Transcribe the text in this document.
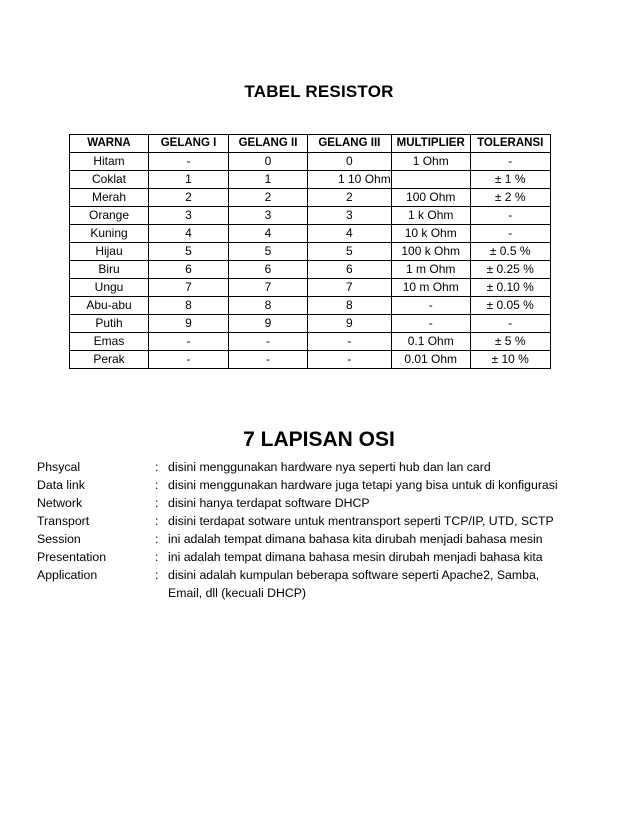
TABEL RESISTOR
WARNA	GELANG I	GELANG II	GELANG III	MULTIPLIER	TOLERANSI
Hitam	-	0	0	1 Ohm	-
Coklat	1	1	1 10 Ohm		± 1 %
Merah	2	2	2	100 Ohm	± 2 %
Orange	3	3	3	1 k Ohm	-
Kuning	4	4	4	10 k Ohm	-
Hijau	5	5	5	100 k Ohm	± 0.5 %
Biru	6	6	6	1 m Ohm	± 0.25 %
Ungu	7	7	7	10 m Ohm	± 0.10 %
Abu-abu	8	8	8	-	± 0.05 %
Putih	9	9	9	-	-
Emas	-	-	-	0.1 Ohm	± 5 %
Perak	-	-	-	0.01 Ohm	± 10 %
7 LAPISAN OSI
Phsycal	: disini menggunakan hardware nya seperti hub dan lan card
Data link	: disini menggunakan hardware juga tetapi yang bisa untuk di konfigurasi
Network	: disini hanya terdapat software DHCP
Transport	: disini terdapat sotware untuk mentransport seperti TCP/IP, UTD, SCTP
Session	: ini adalah tempat dimana bahasa kita dirubah menjadi bahasa mesin
Presentation	: ini adalah tempat dimana bahasa mesin dirubah menjadi bahasa kita
Application	: disini adalah kumpulan beberapa software seperti Apache2, Samba,
Email, dll (kecuali DHCP)
